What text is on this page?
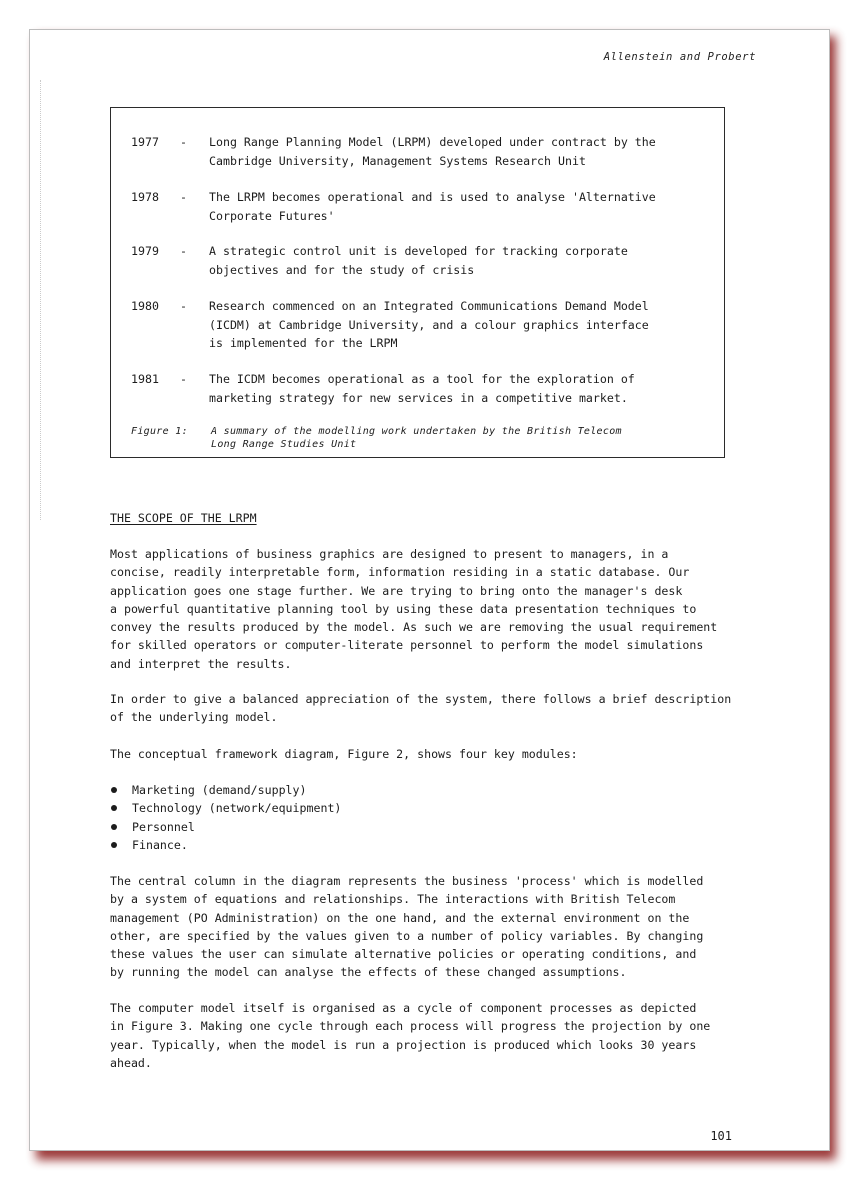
Allenstein and Probert
1977 - Long Range Planning Model (LRPM) developed under contract by the
Cambridge University, Management Systems Research Unit
1978 - The LRPM becomes operational and is used to analyse 'Alternative
Corporate Futures'
1979 - A strategic control unit is developed for tracking corporate
objectives and for the study of crisis
1980 - Research commenced on an Integrated Communications Demand Model
(ICDM) at Cambridge University, and a colour graphics interface
is implemented for the LRPM
1981 - The ICDM becomes operational as a tool for the exploration of
marketing strategy for new services in a competitive market.
Figure 1: A summary of the modelling work undertaken by the British Telecom
Long Range Studies Unit
THE SCOPE OF THE LRPM
Most applications of business graphics are designed to present to managers, in a
concise, readily interpretable form, information residing in a static database. Our
application goes one stage further. We are trying to bring onto the manager's desk
a powerful quantitative planning tool by using these data presentation techniques to
convey the results produced by the model. As such we are removing the usual requirement
for skilled operators or computer-literate personnel to perform the model simulations
and interpret the results.
In order to give a balanced appreciation of the system, there follows a brief description
of the underlying model.
The conceptual framework diagram, Figure 2, shows four key modules:
Marketing (demand/supply)
Technology (network/equipment)
Personnel
Finance.
The central column in the diagram represents the business 'process' which is modelled
by a system of equations and relationships. The interactions with British Telecom
management (PO Administration) on the one hand, and the external environment on the
other, are specified by the values given to a number of policy variables. By changing
these values the user can simulate alternative policies or operating conditions, and
by running the model can analyse the effects of these changed assumptions.
The computer model itself is organised as a cycle of component processes as depicted
in Figure 3. Making one cycle through each process will progress the projection by one
year. Typically, when the model is run a projection is produced which looks 30 years
ahead.
101
